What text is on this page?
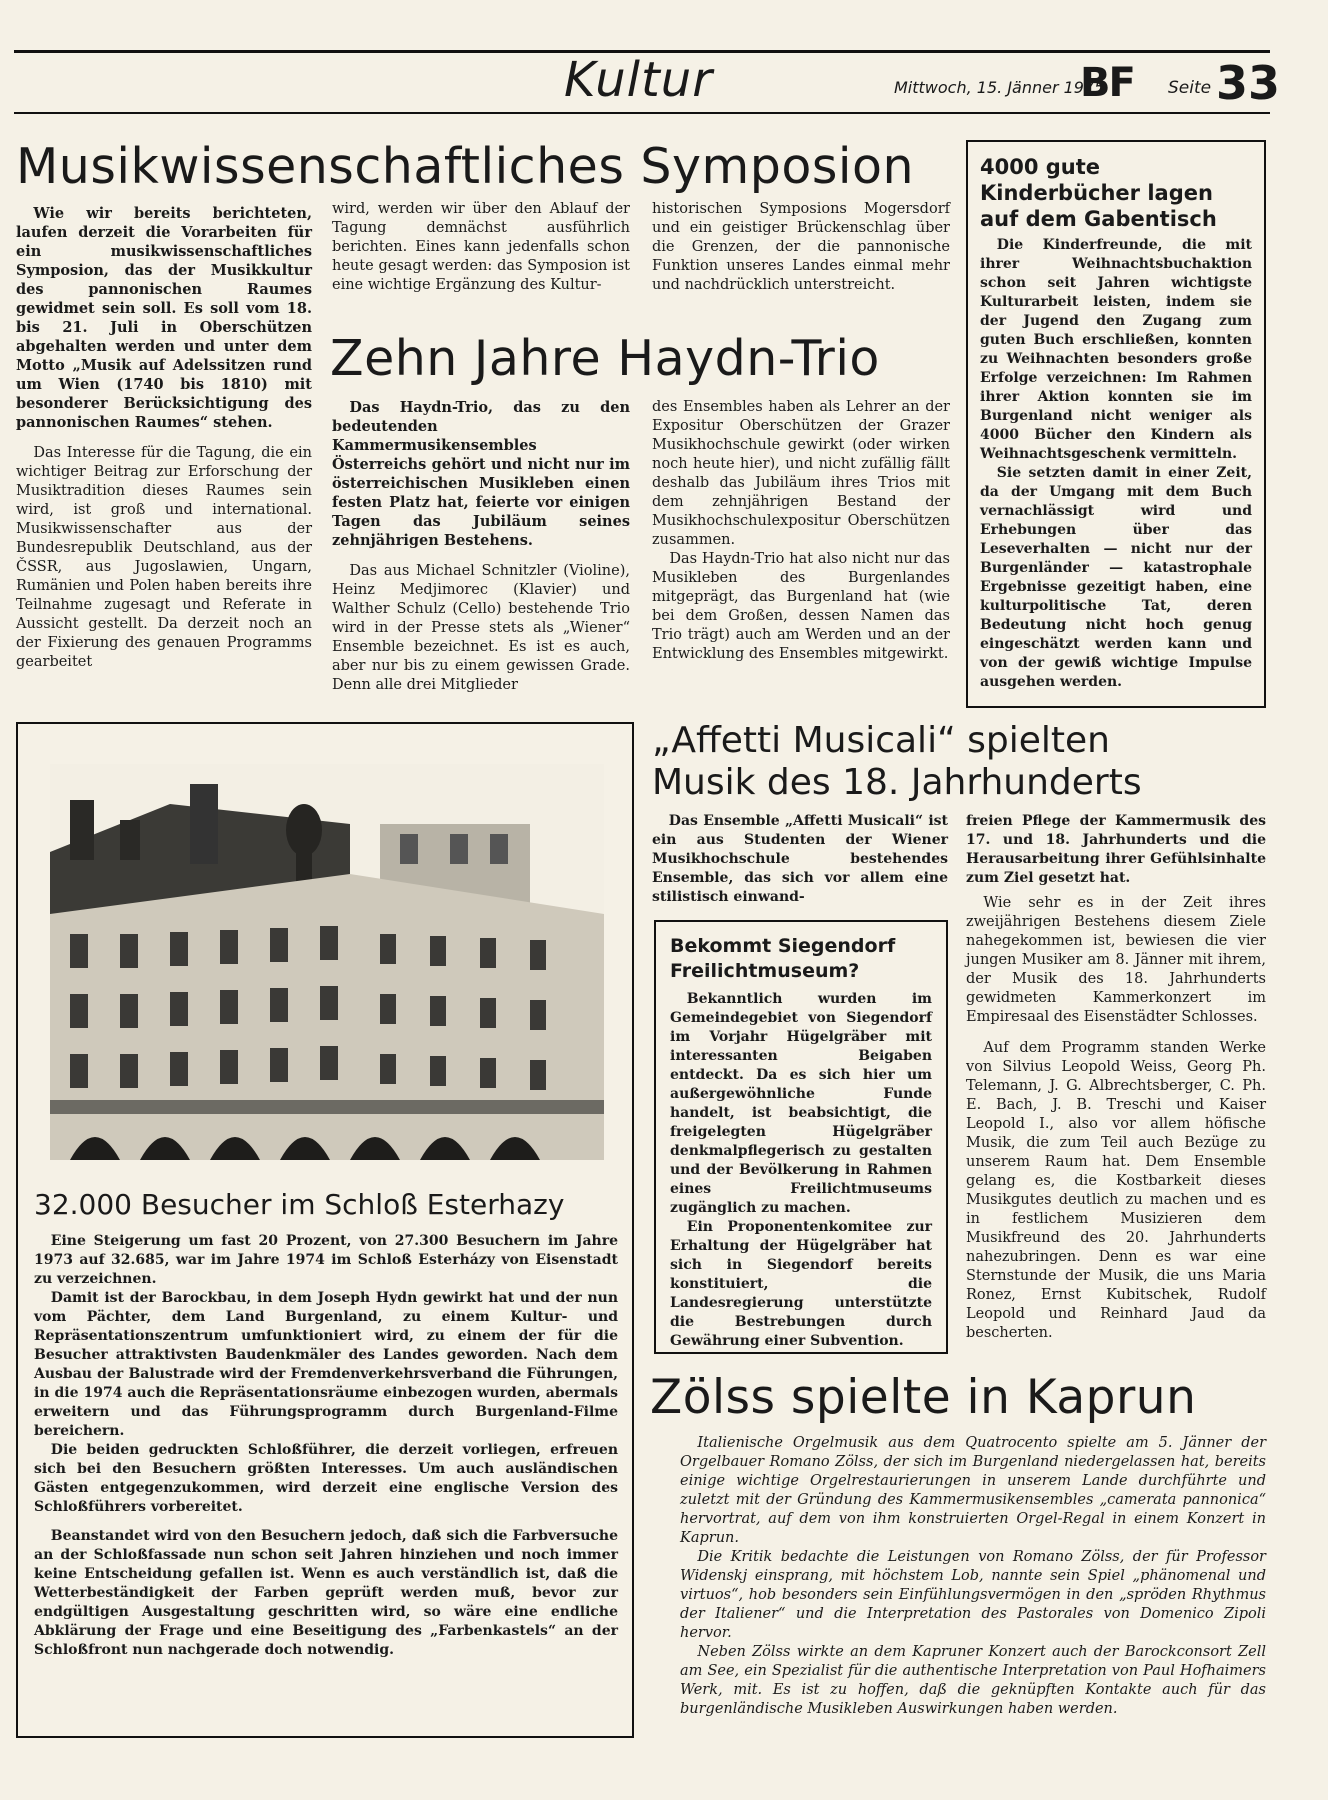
Kultur	Mittwoch, 15. Jänner 1975
BF Seite 33
Musikwissenschaftliches Symposion

Wie wir bereits berichteten, laufen derzeit die Vorarbeiten für ein musikwissenschaftliches Symposion, das der Musikkultur des pannonischen Raumes gewidmet sein soll. Es soll vom 18. bis 21. Juli in Oberschützen abgehalten werden und unter dem Motto „Musik auf Adelssitzen rund um Wien (1740 bis 1810) mit besonderer Berücksichtigung des pannonischen Raumes“ stehen.

Das Interesse für die Tagung, die ein wichtiger Beitrag zur Erforschung der Musiktradition dieses Raumes sein wird, ist groß und international. Musikwissenschafter aus der Bundesrepublik Deutschland, aus der ČSSR, aus Jugoslawien, Ungarn, Rumänien und Polen haben bereits ihre Teilnahme zugesagt und Referate in Aussicht gestellt. Da derzeit noch an der Fixierung des genauen Programms gearbeitet

wird, werden wir über den Ablauf der Tagung demnächst ausführlich berichten. Eines kann jedenfalls schon heute gesagt werden: das Symposion ist eine wichtige Ergänzung des Kultur-

historischen Symposions Mogersdorf und ein geistiger Brückenschlag über die Grenzen, der die pannonische Funktion unseres Landes einmal mehr und nachdrücklich unterstreicht.

Zehn Jahre Haydn-Trio

Das Haydn-Trio, das zu den bedeutenden Kammermusikensembles Österreichs gehört und nicht nur im österreichischen Musikleben einen festen Platz hat, feierte vor einigen Tagen das Jubiläum seines zehnjährigen Bestehens.

Das aus Michael Schnitzler (Violine), Heinz Medjimorec (Klavier) und Walther Schulz (Cello) bestehende Trio wird in der Presse stets als „Wiener“ Ensemble bezeichnet. Es ist es auch, aber nur bis zu einem gewissen Grade. Denn alle drei Mitglieder

des Ensembles haben als Lehrer an der Expositur Oberschützen der Grazer Musikhochschule gewirkt (oder wirken noch heute hier), und nicht zufällig fällt deshalb das Jubiläum ihres Trios mit dem zehnjährigen Bestand der Musikhochschulexpositur Oberschützen zusammen.

Das Haydn-Trio hat also nicht nur das Musikleben des Burgenlandes mitgeprägt, das Burgenland hat (wie bei dem Großen, dessen Namen das Trio trägt) auch am Werden und an der Entwicklung des Ensembles mitgewirkt.

4000 gute Kinderbücher lagen auf dem Gabentisch

Die Kinderfreunde, die mit ihrer Weihnachtsbuchaktion schon seit Jahren wichtigste Kulturarbeit leisten, indem sie der Jugend den Zugang zum guten Buch erschließen, konnten zu Weihnachten besonders große Erfolge verzeichnen: Im Rahmen ihrer Aktion konnten sie im Burgenland nicht weniger als 4000 Bücher den Kindern als Weihnachtsgeschenk vermitteln.

Sie setzten damit in einer Zeit, da der Umgang mit dem Buch vernachlässigt wird und Erhebungen über das Leseverhalten — nicht nur der Burgenländer — katastrophale Ergebnisse gezeitigt haben, eine kulturpolitische Tat, deren Bedeutung nicht hoch genug eingeschätzt werden kann und von der gewiß wichtige Impulse ausgehen werden.

32.000 Besucher im Schloß Esterhazy

Eine Steigerung um fast 20 Prozent, von 27.300 Besuchern im Jahre 1973 auf 32.685, war im Jahre 1974 im Schloß Esterházy von Eisenstadt zu verzeichnen.

Damit ist der Barockbau, in dem Joseph Hydn gewirkt hat und der nun vom Pächter, dem Land Burgenland, zu einem Kultur- und Repräsentationszentrum umfunktioniert wird, zu einem der für die Besucher attraktivsten Baudenkmäler des Landes geworden. Nach dem Ausbau der Balustrade wird der Fremdenverkehrsverband die Führungen, in die 1974 auch die Repräsentationsräume einbezogen wurden, abermals erweitern und das Führungsprogramm durch Burgenland-Filme bereichern.

Die beiden gedruckten Schloßführer, die derzeit vorliegen, erfreuen sich bei den Besuchern größten Interesses. Um auch ausländischen Gästen entgegenzukommen, wird derzeit eine englische Version des Schloßführers vorbereitet.

Beanstandet wird von den Besuchern jedoch, daß sich die Farbversuche an der Schloßfassade nun schon seit Jahren hinziehen und noch immer keine Entscheidung gefallen ist. Wenn es auch verständlich ist, daß die Wetterbeständigkeit der Farben geprüft werden muß, bevor zur endgültigen Ausgestaltung geschritten wird, so wäre eine endliche Abklärung der Frage und eine Beseitigung des „Farbenkastels“ an der Schloßfront nun nachgerade doch notwendig.

„Affetti Musicali“ spielten
Musik des 18. Jahrhunderts

Das Ensemble „Affetti Musicali“ ist ein aus Studenten der Wiener Musikhochschule bestehendes Ensemble, das sich vor allem eine stilistisch einwand-

freien Pflege der Kammermusik des 17. und 18. Jahrhunderts und die Herausarbeitung ihrer Gefühlsinhalte zum Ziel gesetzt hat.

Wie sehr es in der Zeit ihres zweijährigen Bestehens diesem Ziele nahegekommen ist, bewiesen die vier jungen Musiker am 8. Jänner mit ihrem, der Musik des 18. Jahrhunderts gewidmeten Kammerkonzert im Empiresaal des Eisenstädter Schlosses.

Auf dem Programm standen Werke von Silvius Leopold Weiss, Georg Ph. Telemann, J. G. Albrechtsberger, C. Ph. E. Bach, J. B. Treschi und Kaiser Leopold I., also vor allem höfische Musik, die zum Teil auch Bezüge zu unserem Raum hat. Dem Ensemble gelang es, die Kostbarkeit dieses Musikgutes deutlich zu machen und es in festlichem Musizieren dem Musikfreund des 20. Jahrhunderts nahezubringen. Denn es war eine Sternstunde der Musik, die uns Maria Ronez, Ernst Kubitschek, Rudolf Leopold und Reinhard Jaud da bescherten.

Bekommt Siegendorf Freilichtmuseum?

Bekanntlich wurden im Gemeindegebiet von Siegendorf im Vorjahr Hügelgräber mit interessanten Beigaben entdeckt. Da es sich hier um außergewöhnliche Funde handelt, ist beabsichtigt, die freigelegten Hügelgräber denkmalpflegerisch zu gestalten und der Bevölkerung in Rahmen eines Freilichtmuseums zugänglich zu machen.

Ein Proponentenkomitee zur Erhaltung der Hügelgräber hat sich in Siegendorf bereits konstituiert, die Landesregierung unterstützte die Bestrebungen durch Gewährung einer Subvention.

Zölss spielte in Kaprun

Italienische Orgelmusik aus dem Quatrocento spielte am 5. Jänner der Orgelbauer Romano Zölss, der sich im Burgenland niedergelassen hat, bereits einige wichtige Orgelrestaurierungen in unserem Lande durchführte und zuletzt mit der Gründung des Kammermusikensembles „camerata pannonica“ hervortrat, auf dem von ihm konstruierten Orgel-Regal in einem Konzert in Kaprun.

Die Kritik bedachte die Leistungen von Romano Zölss, der für Professor Widenskj einsprang, mit höchstem Lob, nannte sein Spiel „phänomenal und virtuos“, hob besonders sein Einfühlungsvermögen in den „spröden Rhythmus der Italiener“ und die Interpretation des Pastorales von Domenico Zipoli hervor.

Neben Zölss wirkte an dem Kapruner Konzert auch der Barockconsort Zell am See, ein Spezialist für die authentische Interpretation von Paul Hofhaimers Werk, mit. Es ist zu hoffen, daß die geknüpften Kontakte auch für das burgenländische Musikleben Auswirkungen haben werden.
